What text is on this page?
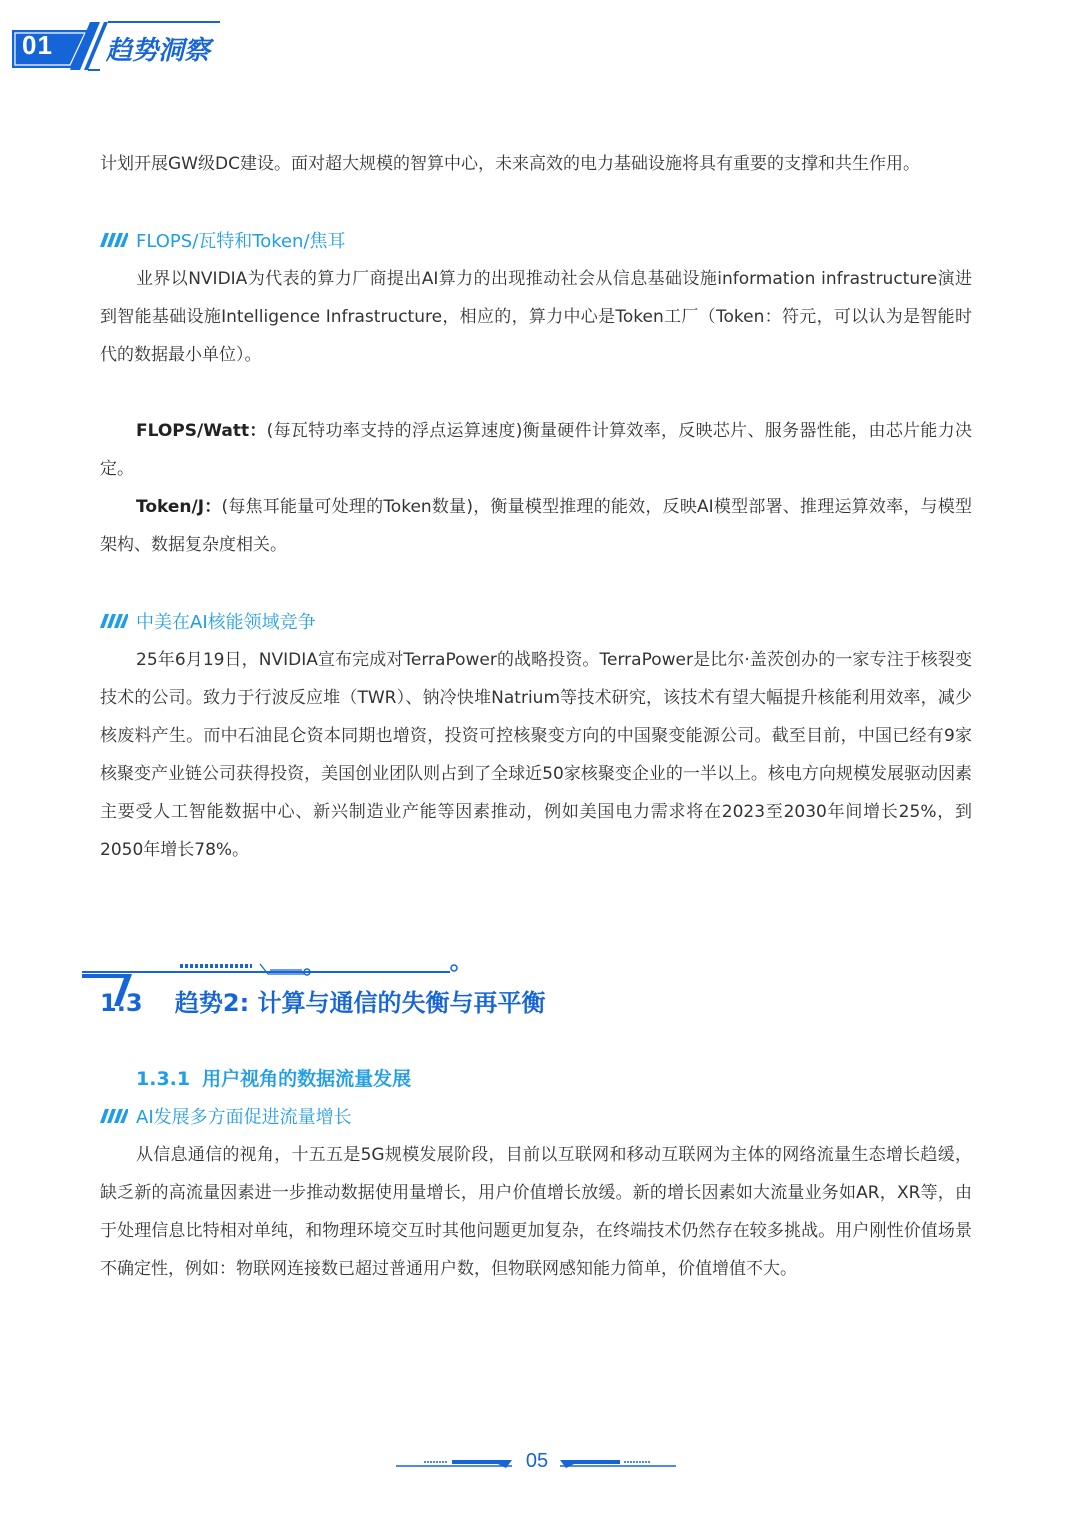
01 趋势洞察
计划开展GW级DC建设。面对超大规模的智算中心，未来高效的电力基础设施将具有重要的支撑和共生作用。
FLOPS/瓦特和Token/焦耳
业界以NVIDIA为代表的算力厂商提出AI算力的出现推动社会从信息基础设施information infrastructure演进到智能基础设施Intelligence Infrastructure，相应的，算力中心是Token工厂（Token：符元，可以认为是智能时代的数据最小单位）。
FLOPS/Watt：(每瓦特功率支持的浮点运算速度)衡量硬件计算效率，反映芯片、服务器性能，由芯片能力决定。
Token/J：(每焦耳能量可处理的Token数量)，衡量模型推理的能效，反映AI模型部署、推理运算效率，与模型架构、数据复杂度相关。
中美在AI核能领域竞争
25年6月19日，NVIDIA宣布完成对TerraPower的战略投资。TerraPower是比尔·盖茨创办的一家专注于核裂变技术的公司。致力于行波反应堆（TWR）、钠冷快堆Natrium等技术研究，该技术有望大幅提升核能利用效率，减少核废料产生。而中石油昆仑资本同期也增资，投资可控核聚变方向的中国聚变能源公司。截至目前，中国已经有9家核聚变产业链公司获得投资，美国创业团队则占到了全球近50家核聚变企业的一半以上。核电方向规模发展驱动因素主要受人工智能数据中心、新兴制造业产能等因素推动，例如美国电力需求将在2023至2030年间增长25%，到2050年增长78%。
1.3 趋势2: 计算与通信的失衡与再平衡
1.3.1 用户视角的数据流量发展
AI发展多方面促进流量增长
从信息通信的视角，十五五是5G规模发展阶段，目前以互联网和移动互联网为主体的网络流量生态增长趋缓，缺乏新的高流量因素进一步推动数据使用量增长，用户价值增长放缓。新的增长因素如大流量业务如AR，XR等，由于处理信息比特相对单纯，和物理环境交互时其他问题更加复杂，在终端技术仍然存在较多挑战。用户刚性价值场景不确定性，例如：物联网连接数已超过普通用户数，但物联网感知能力简单，价值增值不大。
05
